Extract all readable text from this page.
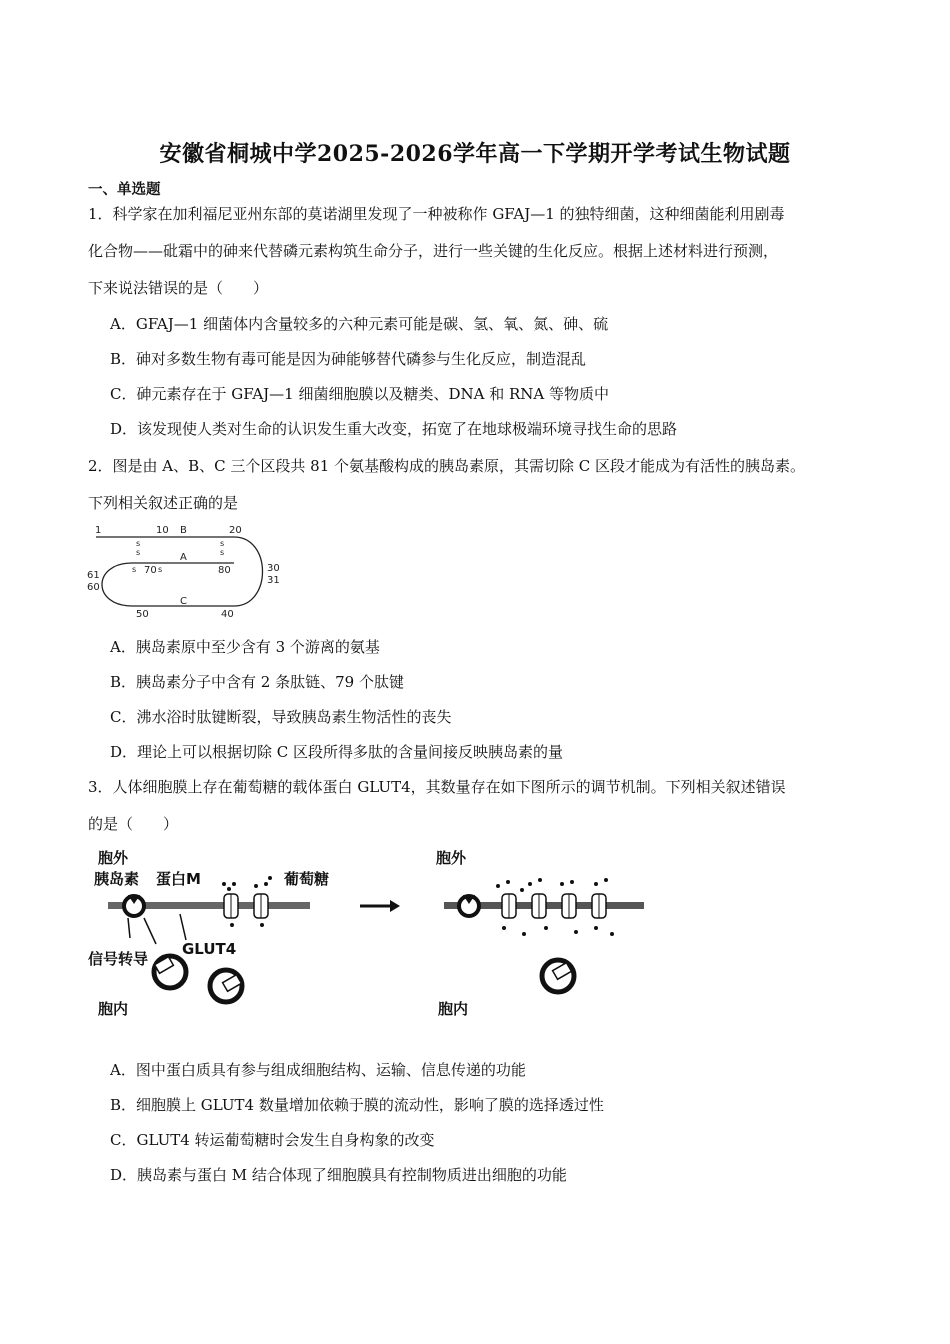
安徽省桐城中学2025-2026学年高一下学期开学考试生物试题
一、单选题
1．科学家在加利福尼亚州东部的莫诺湖里发现了一种被称作 GFAJ—1 的独特细菌，这种细菌能利用剧毒
化合物——砒霜中的砷来代替磷元素构筑生命分子，进行一些关键的生化反应。根据上述材料进行预测，
下来说法错误的是（　　）
A．GFAJ—1 细菌体内含量较多的六种元素可能是碳、氢、氧、氮、砷、硫
B．砷对多数生物有毒可能是因为砷能够替代磷参与生化反应，制造混乱
C．砷元素存在于 GFAJ—1 细菌细胞膜以及糖类、DNA 和 RNA 等物质中
D．该发现使人类对生命的认识发生重大改变，拓宽了在地球极端环境寻找生命的思路
2．图是由 A、B、C 三个区段共 81 个氨基酸构成的胰岛素原，其需切除 C 区段才能成为有活性的胰岛素。
下列相关叙述正确的是
1	10 B	20
A
70	80	30
31
61
60
C
50	40
s
s
s
s
s	s
A．胰岛素原中至少含有 3 个游离的氨基
B．胰岛素分子中含有 2 条肽链、79 个肽键
C．沸水浴时肽键断裂，导致胰岛素生物活性的丧失
D．理论上可以根据切除 C 区段所得多肽的含量间接反映胰岛素的量
3．人体细胞膜上存在葡萄糖的载体蛋白 GLUT4，其数量存在如下图所示的调节机制。下列相关叙述错误
的是（　　）
胞外
胰岛素 蛋白M	葡萄糖
信号转导
GLUT4
胞内
胞外
胞内
A．图中蛋白质具有参与组成细胞结构、运输、信息传递的功能
B．细胞膜上 GLUT4 数量增加依赖于膜的流动性，影响了膜的选择透过性
C．GLUT4 转运葡萄糖时会发生自身构象的改变
D．胰岛素与蛋白 M 结合体现了细胞膜具有控制物质进出细胞的功能
